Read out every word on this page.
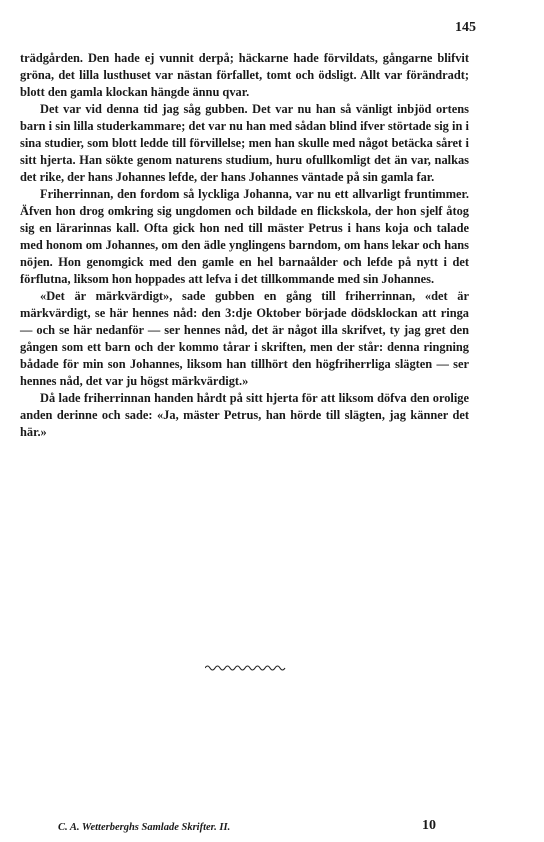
145

trädgården. Den hade ej vunnit derpå; häckarne hade förvildats, gångarne blifvit gröna, det lilla lusthuset var nästan förfallet, tomt och ödsligt. Allt var förändradt; blott den gamla klockan hängde ännu qvar.

Det var vid denna tid jag såg gubben. Det var nu han så vänligt inbjöd ortens barn i sin lilla studerkammare; det var nu han med sådan blind ifver störtade sig in i sina studier, som blott ledde till förvillelse; men han skulle med något betäcka såret i sitt hjerta. Han sökte genom naturens studium, huru ofullkomligt det än var, nalkas det rike, der hans Johannes lefde, der hans Johannes väntade på sin gamla far.

Friherrinnan, den fordom så lyckliga Johanna, var nu ett allvarligt fruntimmer. Äfven hon drog omkring sig ungdomen och bildade en flickskola, der hon sjelf åtog sig en lärarinnas kall. Ofta gick hon ned till mäster Petrus i hans koja och talade med honom om Johannes, om den ädle ynglingens barndom, om hans lekar och hans nöjen. Hon genomgick med den gamle en hel barnaålder och lefde på nytt i det förflutna, liksom hon hoppades att lefva i det tillkommande med sin Johannes.

«Det är märkvärdigt», sade gubben en gång till friherrinnan, «det är märkvärdigt, se här hennes nåd: den 3:dje Oktober började dödsklockan att ringa — och se här nedanför — ser hennes nåd, det är något illa skrifvet, ty jag gret den gången som ett barn och der kommo tårar i skriften, men der står: denna ringning bådade för min son Johannes, liksom han tillhört den högfriherrliga slägten — ser hennes nåd, det var ju högst märkvärdigt.»

Då lade friherrinnan handen hårdt på sitt hjerta för att liksom döfva den orolige anden derinne och sade: «Ja, mäster Petrus, han hörde till slägten, jag känner det här.»

C. A. Wetterberghs Samlade Skrifter. II.	10
